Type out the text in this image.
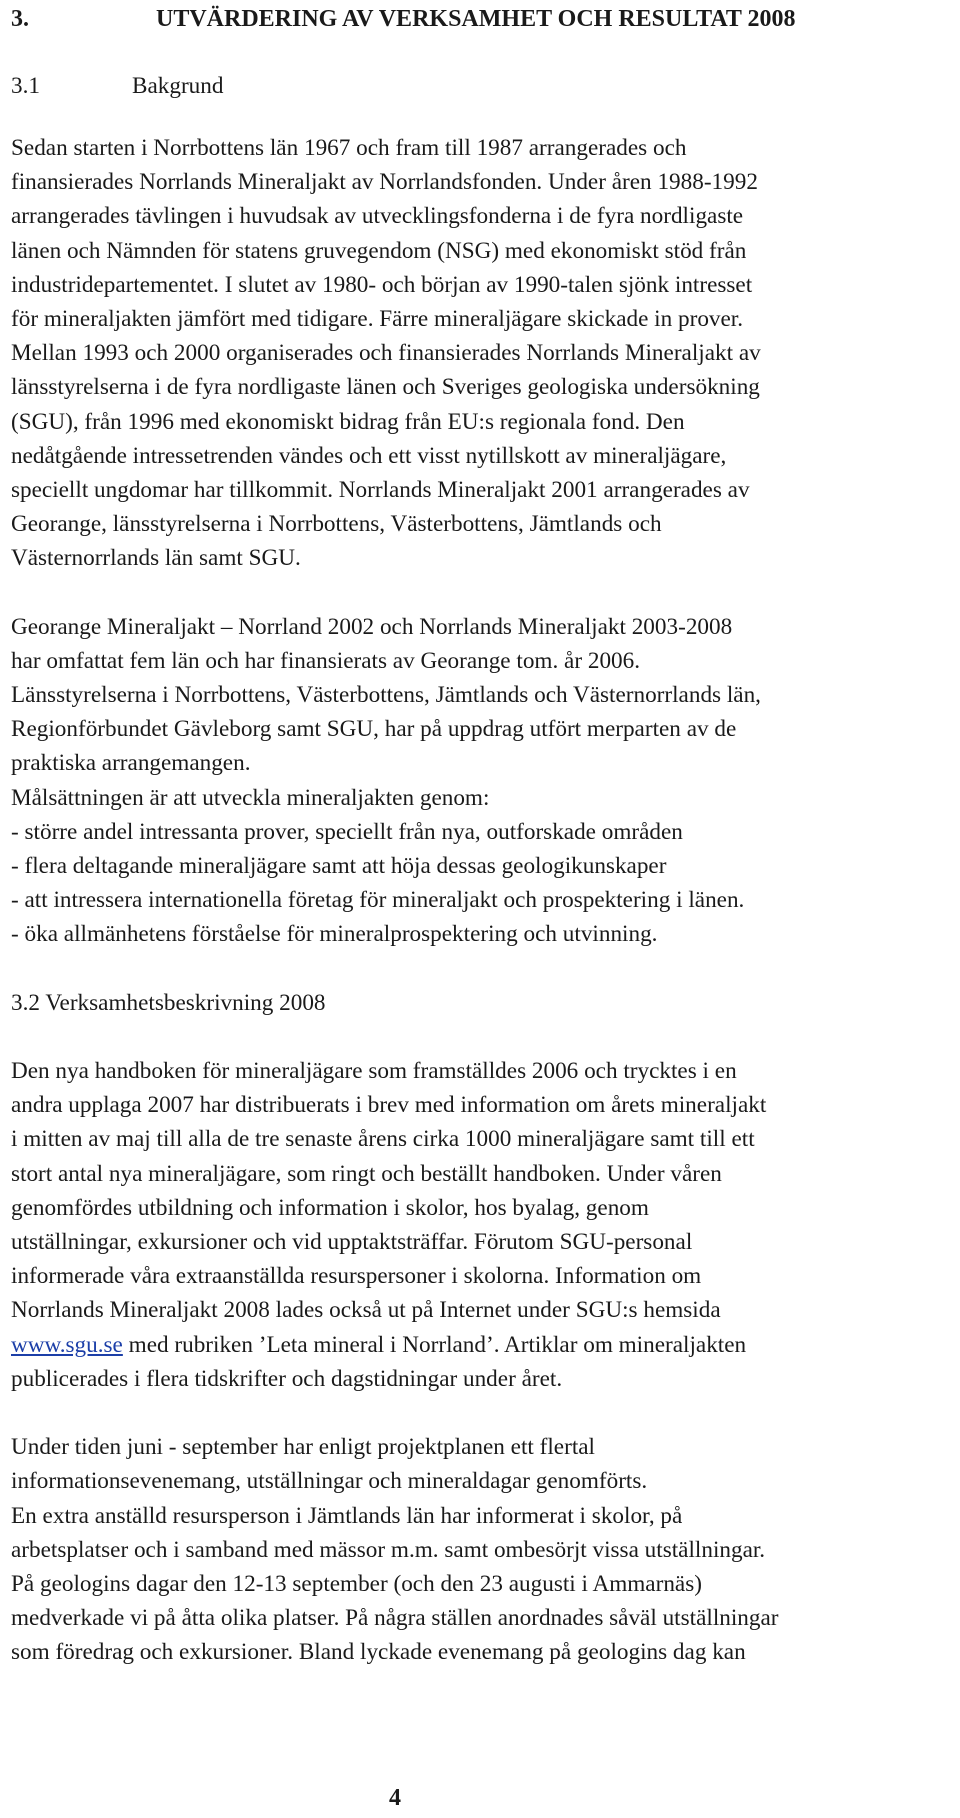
3.	UTVÄRDERING AV VERKSAMHET OCH RESULTAT 2008
3.1	Bakgrund
Sedan starten i Norrbottens län 1967 och fram till 1987 arrangerades och
finansierades Norrlands Mineraljakt av Norrlandsfonden. Under åren 1988-1992
arrangerades tävlingen i huvudsak av utvecklingsfonderna i de fyra nordligaste
länen och Nämnden för statens gruvegendom (NSG) med ekonomiskt stöd från
industridepartementet. I slutet av 1980- och början av 1990-talen sjönk intresset
för mineraljakten jämfört med tidigare. Färre mineraljägare skickade in prover.
Mellan 1993 och 2000 organiserades och finansierades Norrlands Mineraljakt av
länsstyrelserna i de fyra nordligaste länen och Sveriges geologiska undersökning
(SGU), från 1996 med ekonomiskt bidrag från EU:s regionala fond. Den
nedåtgående intressetrenden vändes och ett visst nytillskott av mineraljägare,
speciellt ungdomar har tillkommit. Norrlands Mineraljakt 2001 arrangerades av
Georange, länsstyrelserna i Norrbottens, Västerbottens, Jämtlands och
Västernorrlands län samt SGU.
Georange Mineraljakt – Norrland 2002 och Norrlands Mineraljakt 2003-2008
har omfattat fem län och har finansierats av Georange tom. år 2006.
Länsstyrelserna i Norrbottens, Västerbottens, Jämtlands och Västernorrlands län,
Regionförbundet Gävleborg samt SGU, har på uppdrag utfört merparten av de
praktiska arrangemangen.
Målsättningen är att utveckla mineraljakten genom:
- större andel intressanta prover, speciellt från nya, outforskade områden
- flera deltagande mineraljägare samt att höja dessas geologikunskaper
- att intressera internationella företag för mineraljakt och prospektering i länen.
- öka allmänhetens förståelse för mineralprospektering och utvinning.
3.2 Verksamhetsbeskrivning 2008
Den nya handboken för mineraljägare som framställdes 2006 och trycktes i en
andra upplaga 2007 har distribuerats i brev med information om årets mineraljakt
i mitten av maj till alla de tre senaste årens cirka 1000 mineraljägare samt till ett
stort antal nya mineraljägare, som ringt och beställt handboken. Under våren
genomfördes utbildning och information i skolor, hos byalag, genom
utställningar, exkursioner och vid upptaktsträffar. Förutom SGU-personal
informerade våra extraanställda resurspersoner i skolorna. Information om
Norrlands Mineraljakt 2008 lades också ut på Internet under SGU:s hemsida
www.sgu.se med rubriken ’Leta mineral i Norrland’. Artiklar om mineraljakten
publicerades i flera tidskrifter och dagstidningar under året.
Under tiden juni - september har enligt projektplanen ett flertal
informationsevenemang, utställningar och mineraldagar genomförts.
En extra anställd resursperson i Jämtlands län har informerat i skolor, på
arbetsplatser och i samband med mässor m.m. samt ombesörjt vissa utställningar.
På geologins dagar den 12-13 september (och den 23 augusti i Ammarnäs)
medverkade vi på åtta olika platser. På några ställen anordnades såväl utställningar
som föredrag och exkursioner. Bland lyckade evenemang på geologins dag kan
4
